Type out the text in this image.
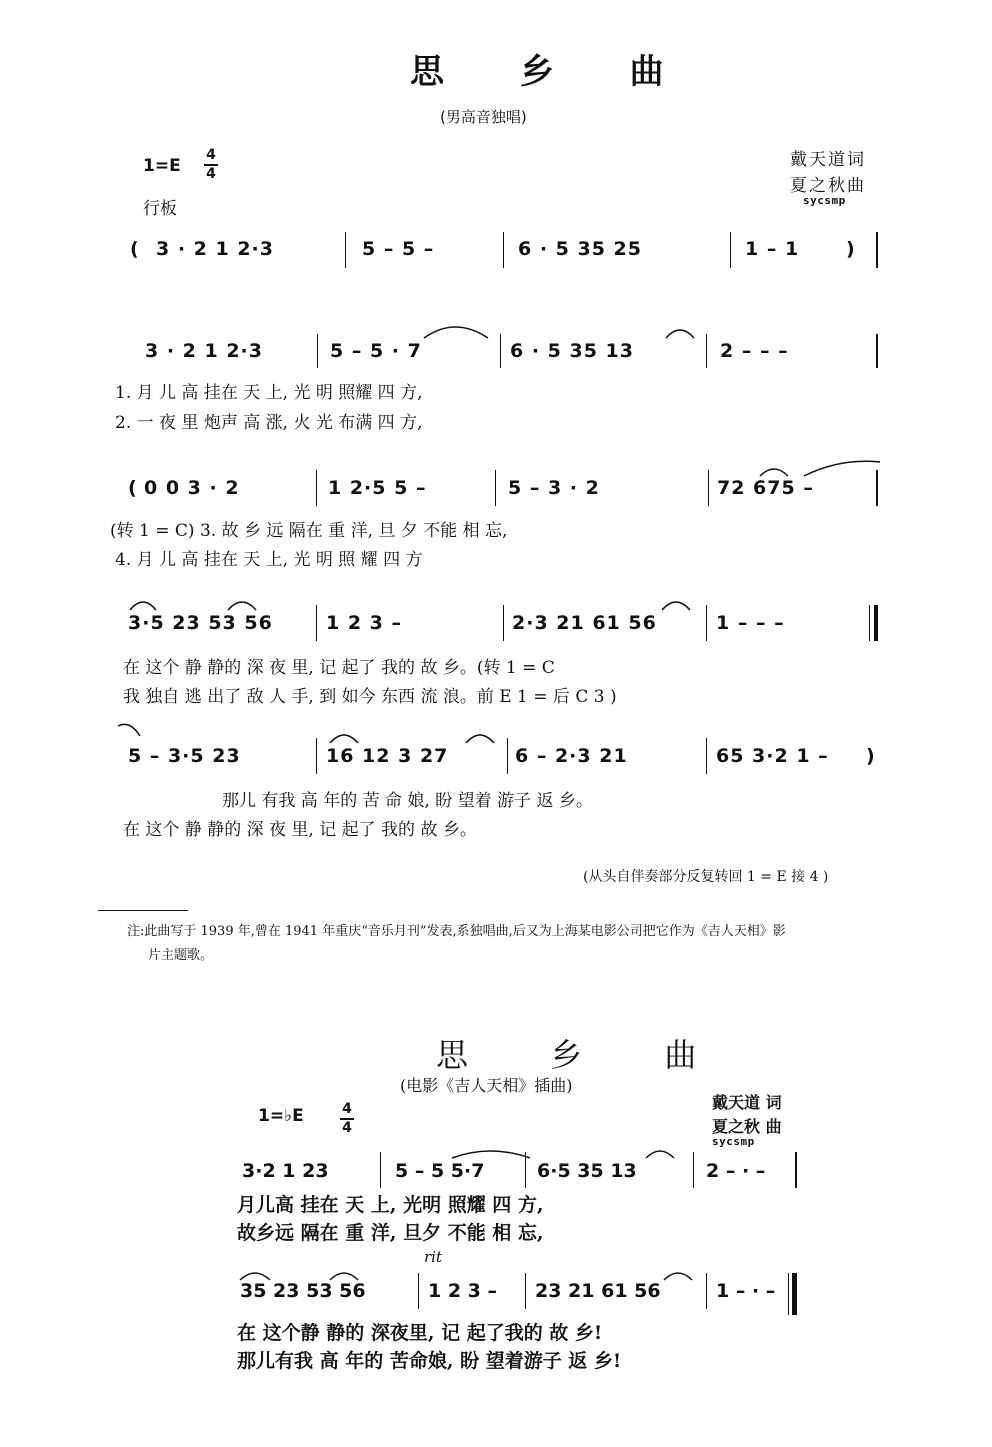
思 乡 曲
(男高音独唱)
1=E
4
4
行板
戴天道词
夏之秋曲
sycsmp
( 3 · 2 1 2·3	5 – 5 –	6 · 5 35 25	1 – 1 )
3 · 2 1 2·3	5 – 5 · 7	6 · 5 35 13	2 – – –
1. 月 儿 高 挂在 天 上, 光 明 照耀 四 方,
2. 一 夜 里 炮声 高 涨, 火 光 布满 四 方,
( 0 0 3 · 2	1 2·5 5 –	5 – 3 · 2	72 675 –
(转 1 = C) 3. 故 乡 远 隔在 重 洋, 旦 夕 不能 相 忘,
4. 月 儿 高 挂在 天 上, 光 明 照 耀 四 方
3·5 23 53 56	1 2 3 –	2·3 21 61 56	1 – – –
在 这个 静 静的 深 夜 里, 记 起了 我的 故 乡。(转 1 = C
我 独自 逃 出了 敌 人 手, 到 如今 东西 流 浪。前 E 1 = 后 C 3 )
5 – 3·5 23	16 12 3 27	6 – 2·3 21	65 3·2 1 – )
那儿 有我 高 年的 苦 命 娘, 盼 望着 游子 返 乡。
在 这个 静 静的 深 夜 里, 记 起了 我的 故 乡。
(从头自伴奏部分反复转回 1 = E 接 4 )
注:此曲写于 1939 年,曾在 1941 年重庆“音乐月刊”发表,系独唱曲,后又为上海某电影公司把它作为《吉人天相》影
片主题歌。
思 乡 曲
(电影《吉人天相》插曲)
1=♭E	4
4
戴天道 词
夏之秋 曲
sycsmp
3·2 1 23	5 – 5 5·7	6·5 35 13	2 – · –
月儿高 挂在 天 上, 光明 照耀 四 方,
故乡远 隔在 重 洋, 旦夕 不能 相 忘,
rit
35 23 53 56	1 2 3 – 23 21 61 56	1 – · –
在 这个静 静的 深夜里, 记 起了我的 故 乡!
那儿有我 高 年的 苦命娘, 盼 望着游子 返 乡!
